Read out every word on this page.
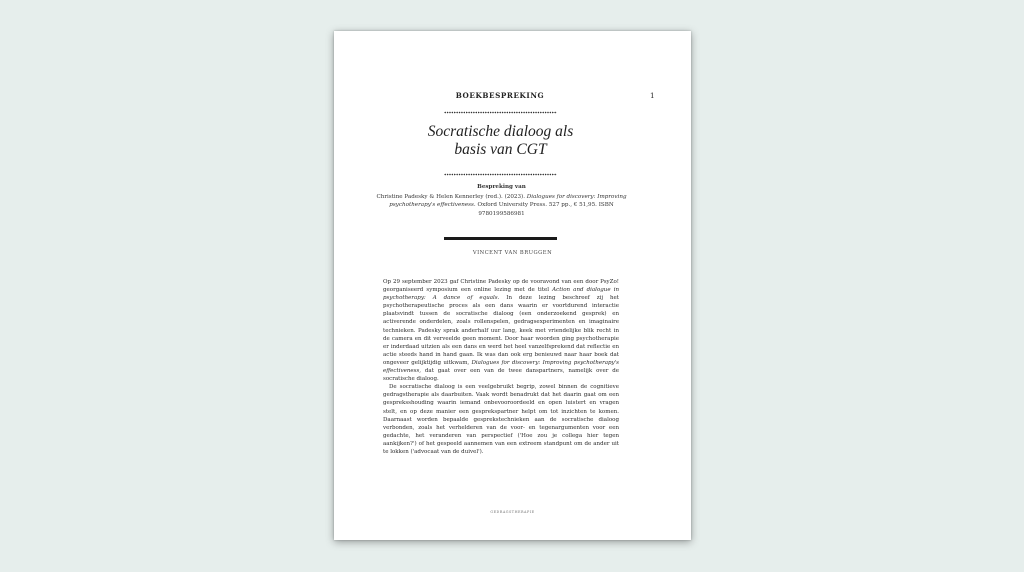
BOEKBESPREKING	1
Socratische dialoog als
basis van CGT
Bespreking van
Christine Padesky & Helen Kennerley (red.). (2023). Dialogues for discovery: Improving psychotherapy's effectiveness. Oxford University Press. 527 pp., € 51,95. ISBN 9780199586981
VINCENT VAN BRUGGEN

Op 29 september 2023 gaf Christine Padesky op de vooravond van een door PsyZo! georganiseerd symposium een online lezing met de titel Action and dialogue in psychotherapy: A dance of equals. In deze lezing beschreef zij het psychotherapeutische proces als een dans waarin er voortdurend interactie plaatsvindt tussen de socratische dialoog (een onderzoekend gesprek) en activerende onderdelen, zoals rollenspelen, gedragsexperimenten en imaginaire technieken. Padesky sprak anderhalf uur lang, keek met vriendelijke blik recht in de camera en dit verveelde geen moment. Door haar woorden ging psychotherapie er inderdaad uitzien als een dans en werd het heel vanzelfsprekend dat reflectie en actie steeds hand in hand gaan. Ik was dan ook erg benieuwd naar haar boek dat ongeveer gelijktijdig uitkwam, Dialogues for discovery: Improving psychotherapy's effectiveness, dat gaat over een van de twee danspartners, namelijk over de socratische dialoog.

De socratische dialoog is een veelgebruikt begrip, zowel binnen de cognitieve gedragstherapie als daarbuiten. Vaak wordt benadrukt dat het daarin gaat om een gespreksshouding waarin iemand onbevooroordeeld en open luistert en vragen stelt, en op deze manier een gesprekspartner helpt om tot inzichten te komen. Daarnaast worden bepaalde gesprekstechnieken aan de socratische dialoog verbonden, zoals het verhelderen van de voor- en tegenargumenten voor een gedachte, het veranderen van perspectief ('Hoe zou je collega hier tegen aankijken?') of het gespeeld aannemen van een extreem standpunt om de ander uit te lokken ('advocaat van de duivel').

GEDRAGSTHERAPIE
